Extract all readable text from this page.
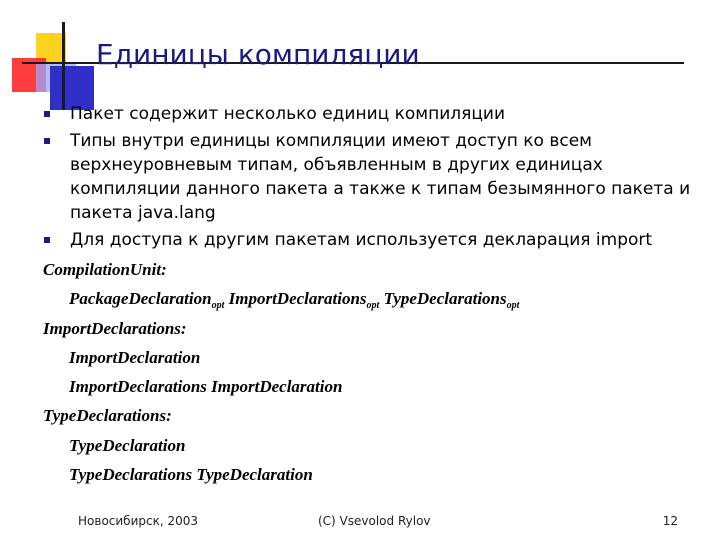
Единицы компиляции
Пакет содержит несколько единиц компиляции
Типы внутри единицы компиляции имеют доступ ко всем верхнеуровневым типам, объявленным в других единицах компиляции данного пакета а также к типам безымянного пакета и пакета java.lang
Для доступа к другим пакетам используется декларация import
CompilationUnit:
PackageDeclaration$_{opt}$ ImportDeclarations$_{opt}$ TypeDeclarations$_{opt}$
ImportDeclarations:
ImportDeclaration
ImportDeclarations ImportDeclaration
TypeDeclarations:
TypeDeclaration
TypeDeclarations TypeDeclaration
Новосибирск, 2003	(C) Vsevolod Rylov	12
